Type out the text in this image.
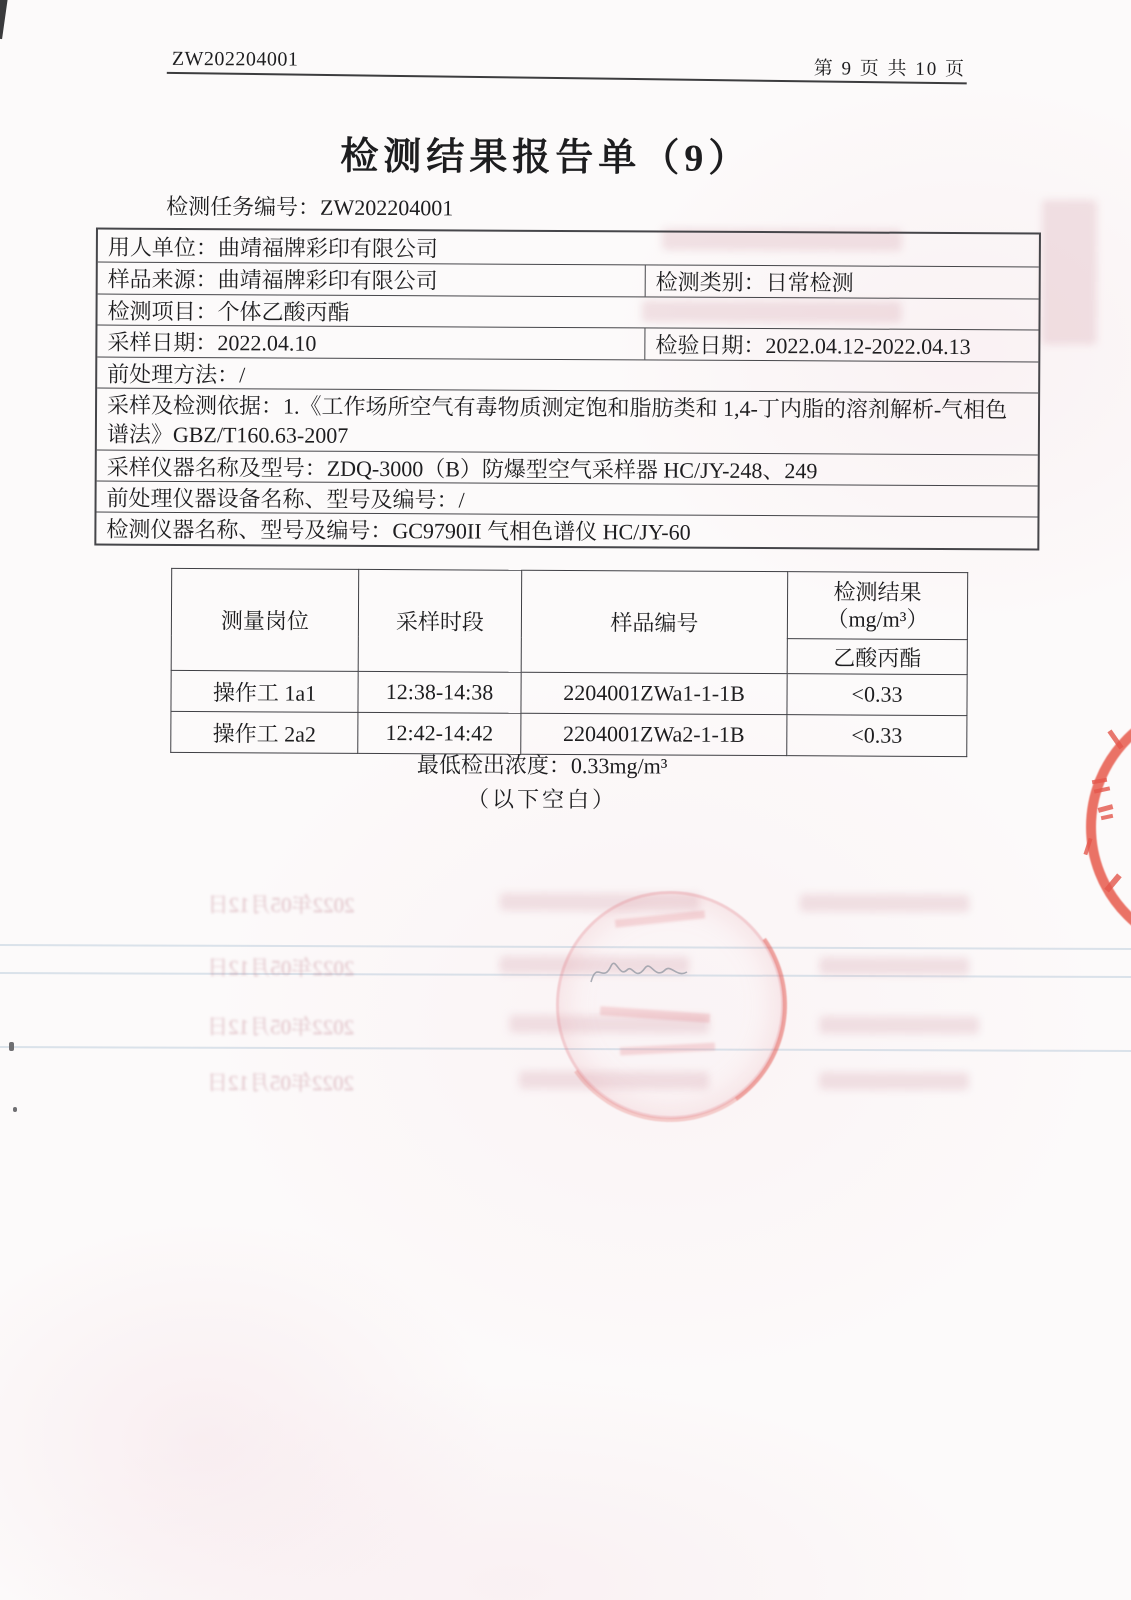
2022年05月12日
2022年05月12日
2022年05月12日
2022年05月12日
ZW202204001	第 9 页 共 10 页
检测结果报告单（9）
检测任务编号：ZW202204001
用人单位：曲靖福牌彩印有限公司
样品来源：曲靖福牌彩印有限公司	检测类别：日常检测
检测项目：个体乙酸丙酯
采样日期：2022.04.10	检验日期：2022.04.12-2022.04.13
前处理方法：/
采样及检测依据：1.《工作场所空气有毒物质测定饱和脂肪类和 1,4-丁内脂的溶剂解析-气相色谱法》GBZ/T160.63-2007
采样仪器名称及型号：ZDQ-3000（B）防爆型空气采样器 HC/JY-248、249
前处理仪器设备名称、型号及编号：/
检测仪器名称、型号及编号：GC9790II 气相色谱仪 HC/JY-60
测量岗位	采样时段	样品编号	检测结果
（mg/m³）

			乙酸丙酯
操作工 1a1	12:38-14:38	2204001ZWa1-1-1B	<0.33
操作工 2a2	12:42-14:42	2204001ZWa2-1-1B	<0.33
最低检出浓度：0.33mg/m³
（以下空白）
